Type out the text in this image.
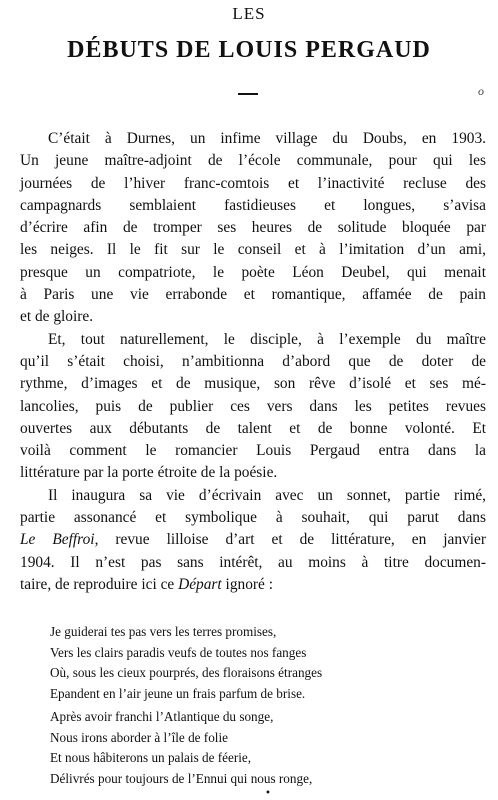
LES
DÉBUTS DE LOUIS PERGAUD
o
C’était à Durnes, un infime village du Doubs, en 1903.
Un jeune maître-adjoint de l’école communale, pour qui les
journées de l’hiver franc-comtois et l’inactivité recluse des
campagnards semblaient fastidieuses et longues, s’avisa
d’écrire afin de tromper ses heures de solitude bloquée par
les neiges. Il le fit sur le conseil et à l’imitation d’un ami,
presque un compatriote, le poète Léon Deubel, qui menait
à Paris une vie errabonde et romantique, affamée de pain
et de gloire.
Et, tout naturellement, le disciple, à l’exemple du maître
qu’il s’était choisi, n’ambitionna d’abord que de doter de
rythme, d’images et de musique, son rêve d’isolé et ses mé-
lancolies, puis de publier ces vers dans les petites revues
ouvertes aux débutants de talent et de bonne volonté. Et
voilà comment le romancier Louis Pergaud entra dans la
littérature par la porte étroite de la poésie.
Il inaugura sa vie d’écrivain avec un sonnet, partie rimé,
partie assonancé et symbolique à souhait, qui parut dans
Le Beffroi, revue lilloise d’art et de littérature, en janvier
1904. Il n’est pas sans intérêt, au moins à titre documen-
taire, de reproduire ici ce Départ ignoré :
Je guiderai tes pas vers les terres promises,
Vers les clairs paradis veufs de toutes nos fanges
Où, sous les cieux pourprés, des floraisons étranges
Epandent en l’air jeune un frais parfum de brise.
Après avoir franchi l’Atlantique du songe,
Nous irons aborder à l’île de folie
Et nous hâbiterons un palais de féerie,
Délivrés pour toujours de l’Ennui qui nous ronge,
•
